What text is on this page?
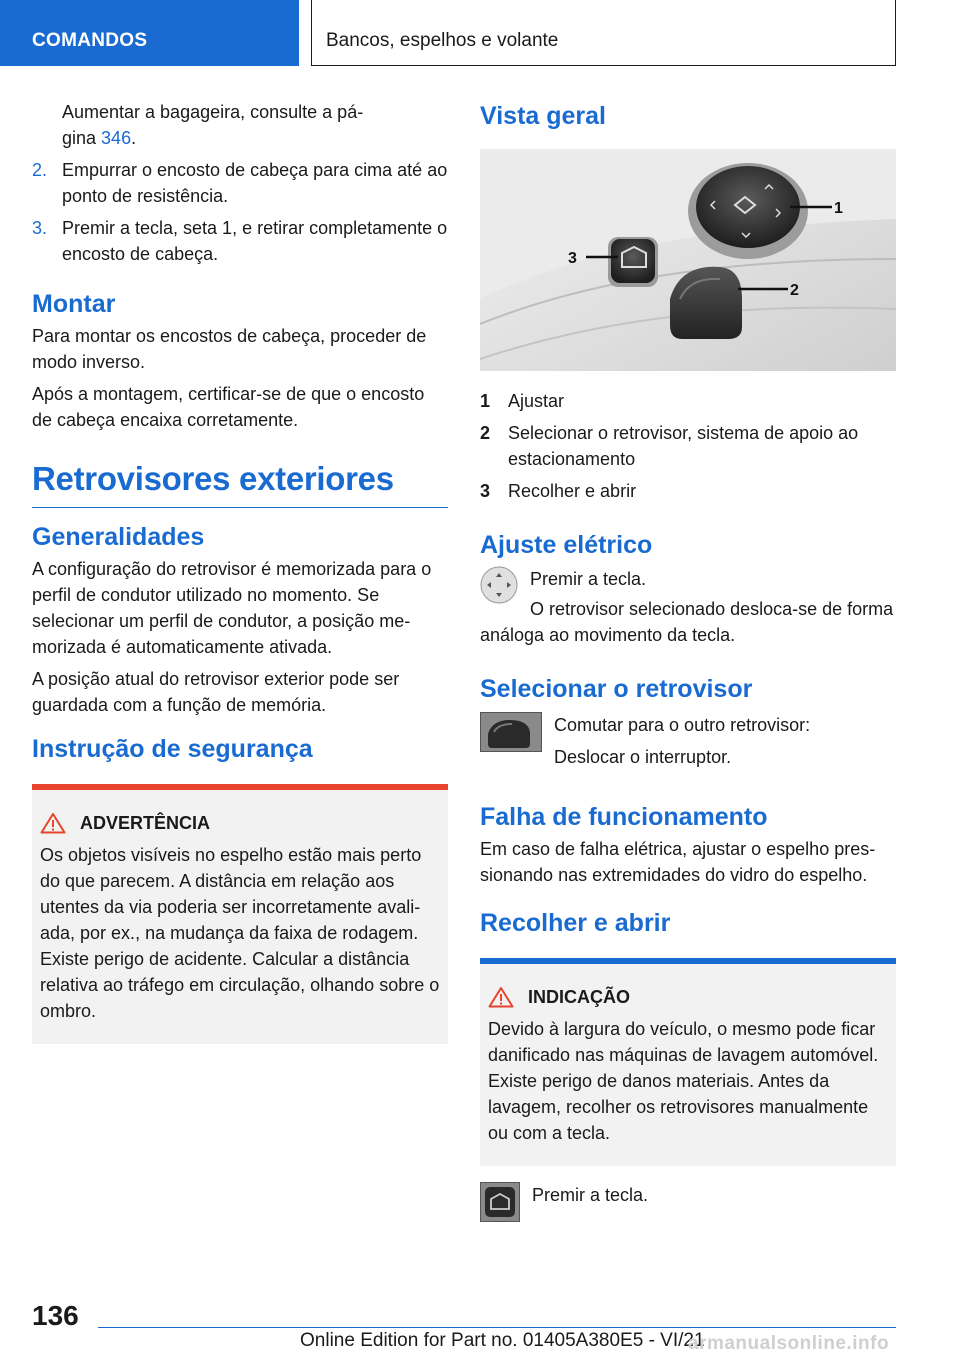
COMANDOS	Bancos, espelhos e volante
Aumentar a bagageira, consulte a pá-
gina 346.
2. Empurrar o encosto de cabeça para cima até ao ponto de resistência.
3. Premir a tecla, seta 1, e retirar completamente o encosto de cabeça.
Montar

Para montar os encostos de cabeça, proceder de modo inverso.

Após a montagem, certificar-se de que o encosto de cabeça encaixa corretamente.

Retrovisores exteriores
Generalidades

A configuração do retrovisor é memorizada para o perfil de condutor utilizado no momento. Se selecionar um perfil de condutor, a posição memorizada é automaticamente ativada.

A posição atual do retrovisor exterior pode ser guardada com a função de memória.

Instrução de segurança
ADVERTÊNCIA
Os objetos visíveis no espelho estão mais perto do que parecem. A distância em relação aos utentes da via poderia ser incorretamente avaliada, por ex., na mudança da faixa de rodagem. Existe perigo de acidente. Calcular a distância relativa ao tráfego em circulação, olhando sobre o ombro.
Vista geral
1
2
3
1 Ajustar
2 Selecionar o retrovisor, sistema de apoio ao estacionamento
3 Recolher e abrir
Ajuste elétrico

Premir a tecla.

O retrovisor selecionado desloca-se de forma análoga ao movimento da tecla.

Selecionar o retrovisor

Comutar para o outro retrovisor:

Deslocar o interruptor.

Falha de funcionamento

Em caso de falha elétrica, ajustar o espelho pressionando nas extremidades do vidro do espelho.

Recolher e abrir
INDICAÇÃO
Devido à largura do veículo, o mesmo pode ficar danificado nas máquinas de lavagem automóvel. Existe perigo de danos materiais. Antes da lavagem, recolher os retrovisores manualmente ou com a tecla.

Premir a tecla.

136
Online Edition for Part no. 01405A380E5 - VI/21
armanualsonline.info
